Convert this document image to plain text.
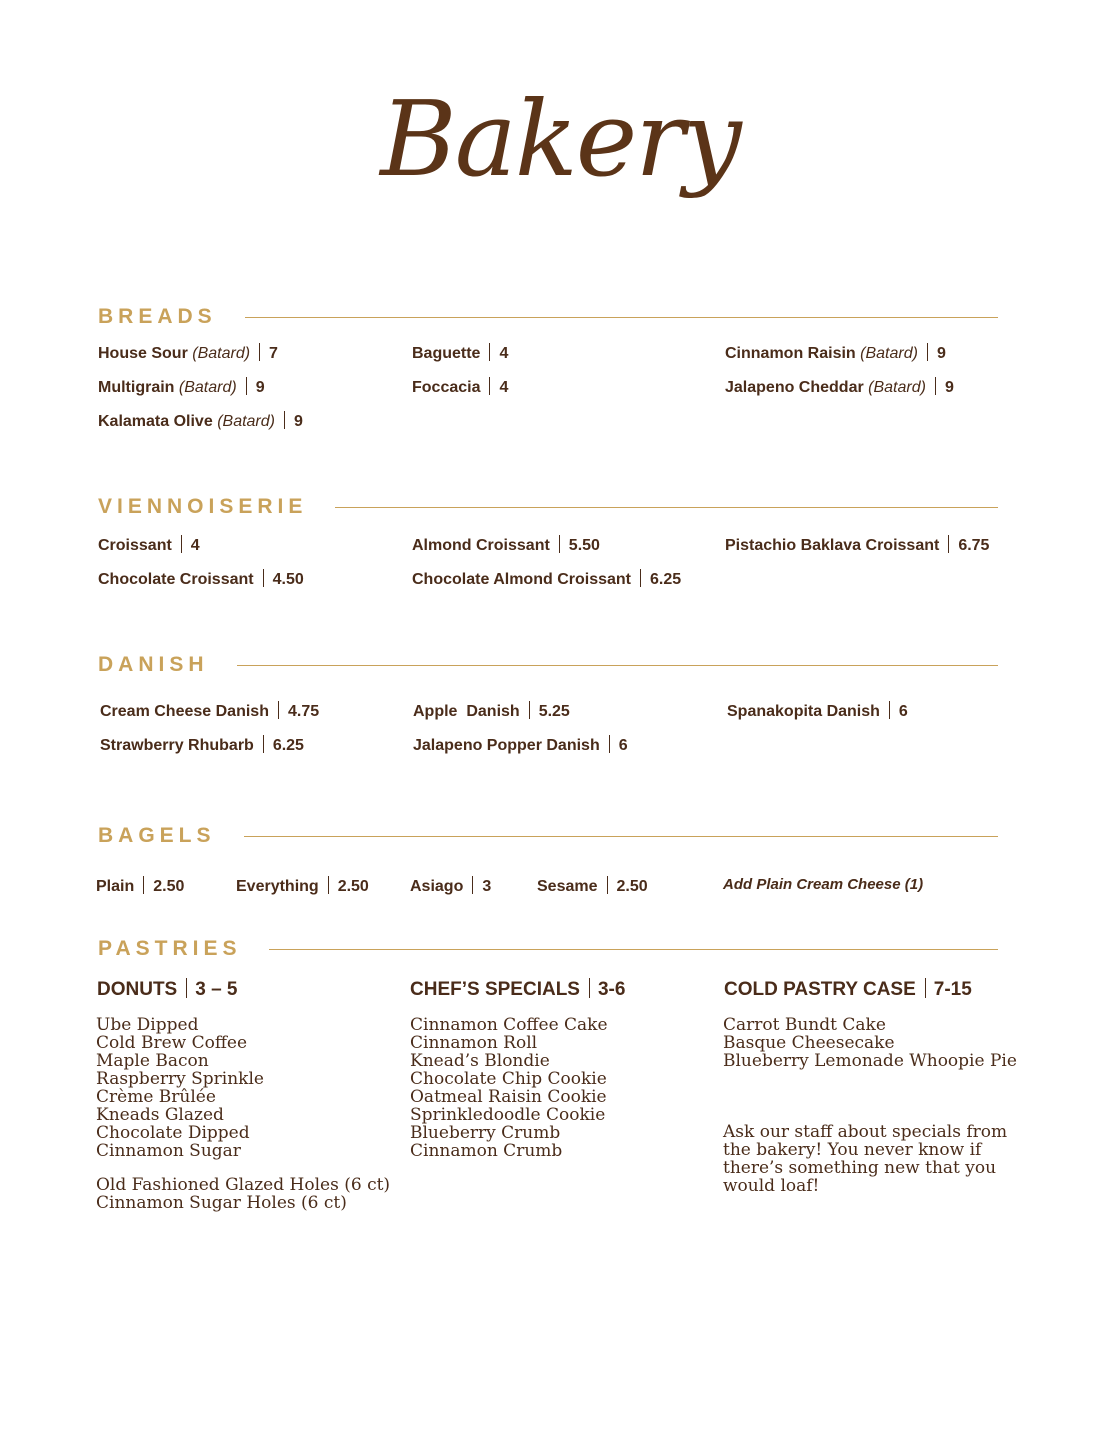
Bakery
BREADS
House Sour (Batard) 7	Baguette 4	Cinnamon Raisin (Batard) 9
Multigrain (Batard) 9	Foccacia 4	Jalapeno Cheddar (Batard) 9
Kalamata Olive (Batard) 9
VIENNOISERIE
Croissant 4	Almond Croissant 5.50	Pistachio Baklava Croissant 6.75
Chocolate Croissant 4.50	Chocolate Almond Croissant 6.25
DANISH
Cream Cheese Danish 4.75	Apple  Danish 5.25	Spanakopita Danish 6
Strawberry Rhubarb 6.25	Jalapeno Popper Danish 6
BAGELS
Plain 2.50	Everything 2.50	Asiago 3	Sesame 2.50	Add Plain Cream Cheese (1)
PASTRIES
DONUTS 3 – 5	CHEF’S SPECIALS 3-6	COLD PASTRY CASE 7-15
Ube Dipped
Cold Brew Coffee
Maple Bacon
Raspberry Sprinkle
Crème Brûlée
Kneads Glazed
Chocolate Dipped
Cinnamon Sugar
Old Fashioned Glazed Holes (6 ct)
Cinnamon Sugar Holes (6 ct)
Cinnamon Coffee Cake
Cinnamon Roll
Knead’s Blondie
Chocolate Chip Cookie
Oatmeal Raisin Cookie
Sprinkledoodle Cookie
Blueberry Crumb
Cinnamon Crumb
Carrot Bundt Cake
Basque Cheesecake
Blueberry Lemonade Whoopie Pie
Ask our staff about specials from the bakery! You never know if there’s something new that you would loaf!
